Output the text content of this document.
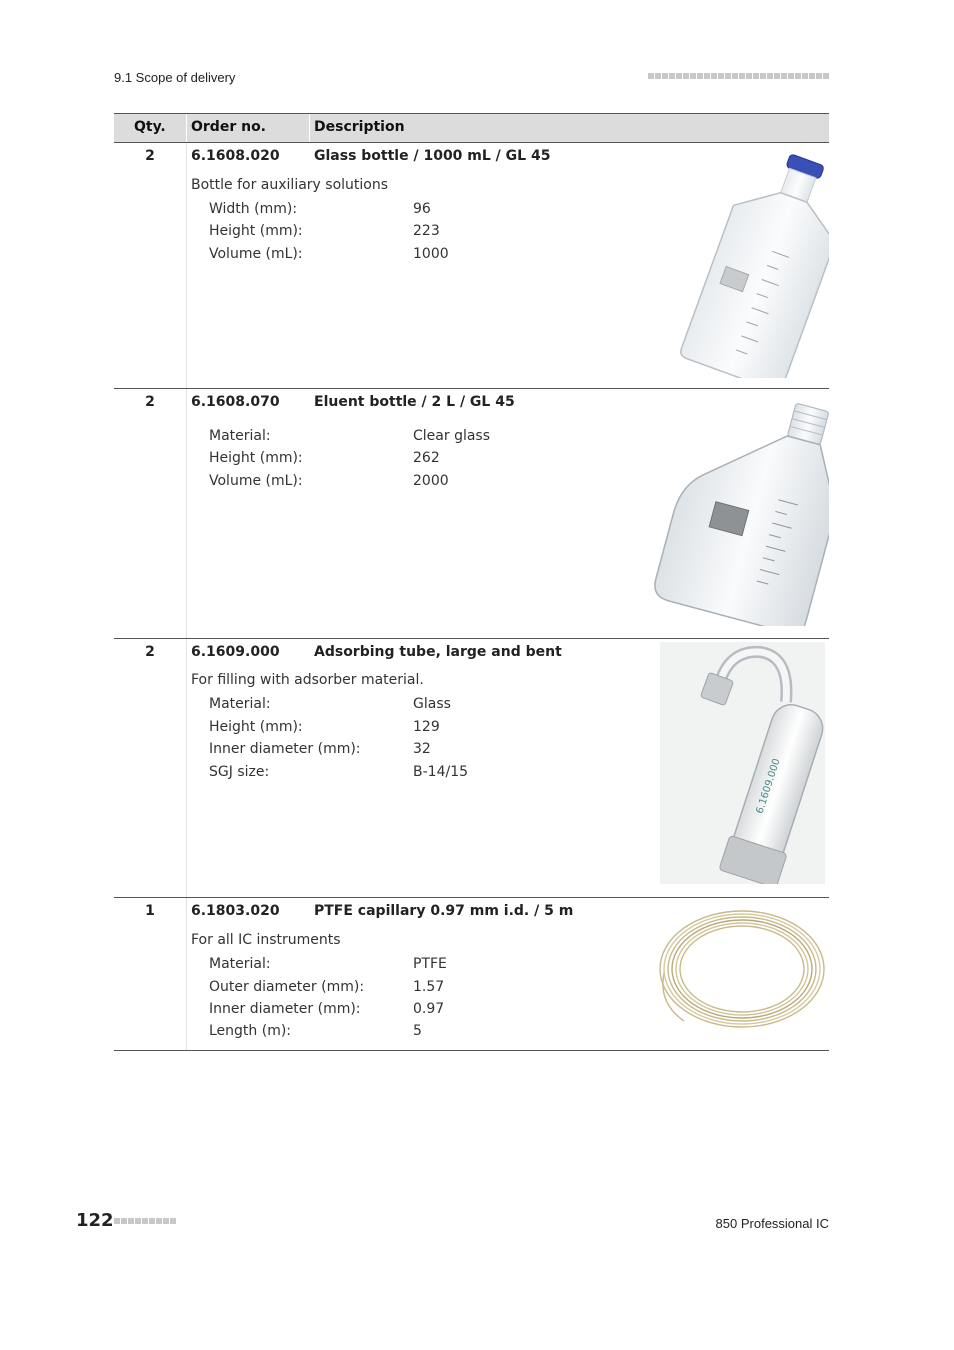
9.1 Scope of delivery
Qty. Order no.	Description
2	6.1608.020 Glass bottle / 1000 mL / GL 45
Bottle for auxiliary solutions
Width (mm):	96
Height (mm):	223
Volume (mL):	1000
2	6.1608.070 Eluent bottle / 2 L / GL 45
Material:	Clear glass
Height (mm):	262
Volume (mL):	2000
2	6.1609.000 Adsorbing tube, large and bent
For filling with adsorber material.
Material:	Glass
Height (mm):	129
Inner diameter (mm):	32
SGJ size:	B-14/15	6.1609.000
1	6.1803.020 PTFE capillary 0.97 mm i.d. / 5 m
For all IC instruments
Material:	PTFE
Outer diameter (mm):	1.57
Inner diameter (mm):	0.97
Length (m):	5
122	850 Professional IC
